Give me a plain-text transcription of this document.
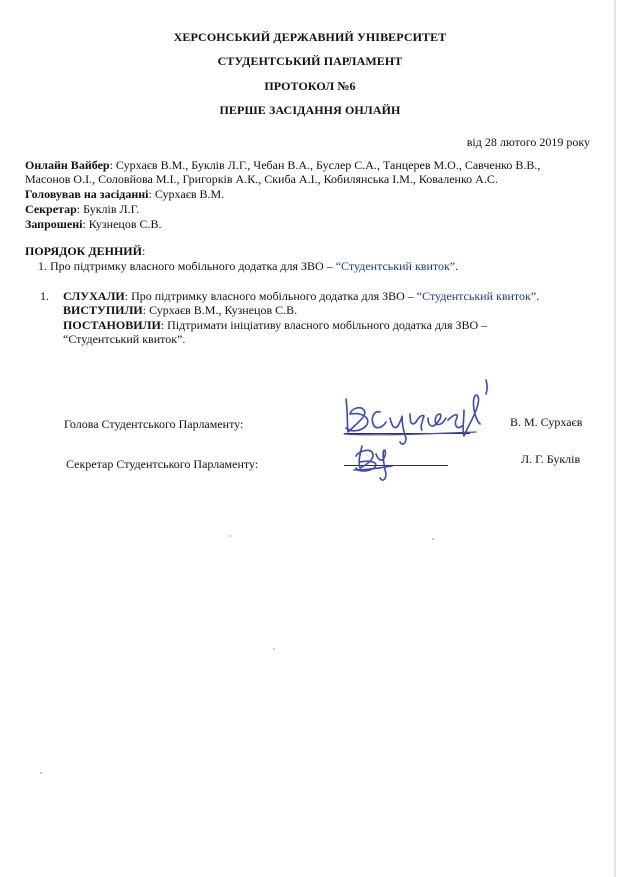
ХЕРСОНСЬКИЙ ДЕРЖАВНИЙ УНІВЕРСИТЕТ
СТУДЕНТСЬКИЙ ПАРЛАМЕНТ
ПРОТОКОЛ №6
ПЕРШЕ ЗАСІДАННЯ ОНЛАЙН
від 28 лютого 2019 року
Онлайн Вайбер: Сурхаєв В.М., Буклів Л.Г., Чебан В.А., Буслер С.А., Танцерев М.О., Савченко В.В.,
Масонов О.І., Соловйова М.І., Григорків А.К., Скиба А.І., Кобилянська І.М., Коваленко А.С.
Головував на засіданні: Сурхаєв В.М.
Секретар: Буклів Л.Г.
Запрошені: Кузнецов С.В.
ПОРЯДОК ДЕННИЙ:
1. Про підтримку власного мобільного додатка для ЗВО – “Студентський квиток”.
1. СЛУХАЛИ: Про підтримку власного мобільного додатка для ЗВО – “Студентський квиток”.
ВИСТУПИЛИ: Сурхаєв В.М., Кузнецов С.В.
ПОСТАНОВИЛИ: Підтримати ініціативу власного мобільного додатка для ЗВО –
“Студентський квиток”.
Голова Студентського Парламенту:	В. М. Сурхаєв
Секретар Студентського Парламенту:	Л. Г. Буклів
